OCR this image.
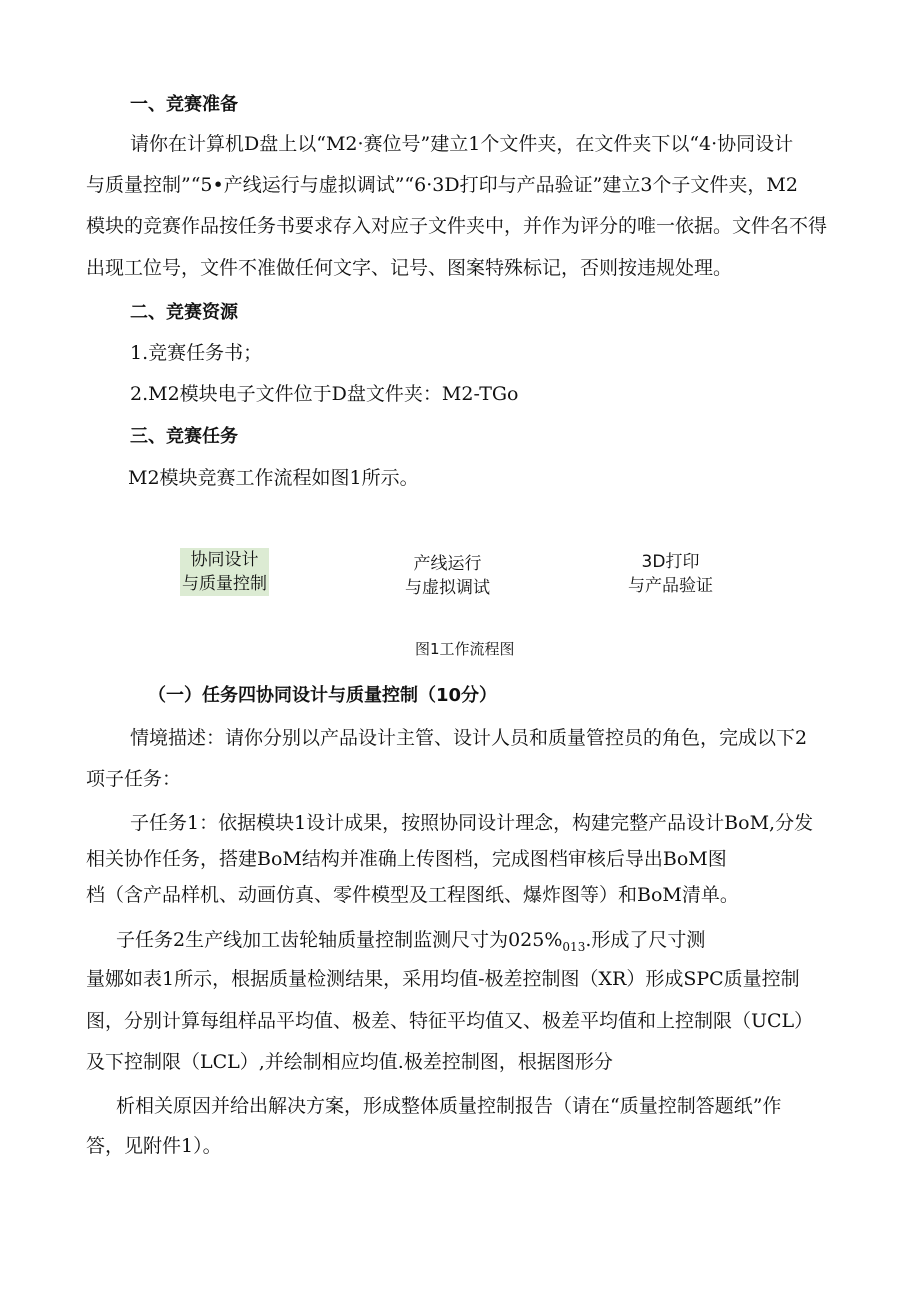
一、竞赛准备
请你在计算机D盘上以“M2·赛位号”建立1个文件夹，在文件夹下以“4·协同设计
与质量控制”“5•产线运行与虚拟调试”“6·3D打印与产品验证”建立3个子文件夹，M2
模块的竞赛作品按任务书要求存入对应子文件夹中，并作为评分的唯一依据。文件名不得
出现工位号，文件不准做任何文字、记号、图案特殊标记，否则按违规处理。
二、竞赛资源
1.竞赛任务书；
2.M2模块电子文件位于D盘文件夹：M2-TGo
三、竞赛任务
M2模块竞赛工作流程如图1所示。
协同设计
与质量控制
产线运行
与虚拟调试
3D打印
与产品验证
图1工作流程图
（一）任务四协同设计与质量控制（10分）
情境描述：请你分别以产品设计主管、设计人员和质量管控员的角色，完成以下2
项子任务：
子任务1：依据模块1设计成果，按照协同设计理念，构建完整产品设计BoM,分发
相关协作任务，搭建BoM结构并准确上传图档，完成图档审核后导出BoM图
档（含产品样机、动画仿真、零件模型及工程图纸、爆炸图等）和BoM清单。
子任务2生产线加工齿轮轴质量控制监测尺寸为$025\%_{013}$.形成了尺寸测
量娜如表1所示，根据质量检测结果，采用均值-极差控制图（XR）形成SPC质量控制
图，分别计算每组样品平均值、极差、特征平均值又、极差平均值和上控制限（UCL）
及下控制限（LCL）,并绘制相应均值.极差控制图，根据图形分
析相关原因并给出解决方案，形成整体质量控制报告（请在“质量控制答题纸”作
答，见附件1）。
